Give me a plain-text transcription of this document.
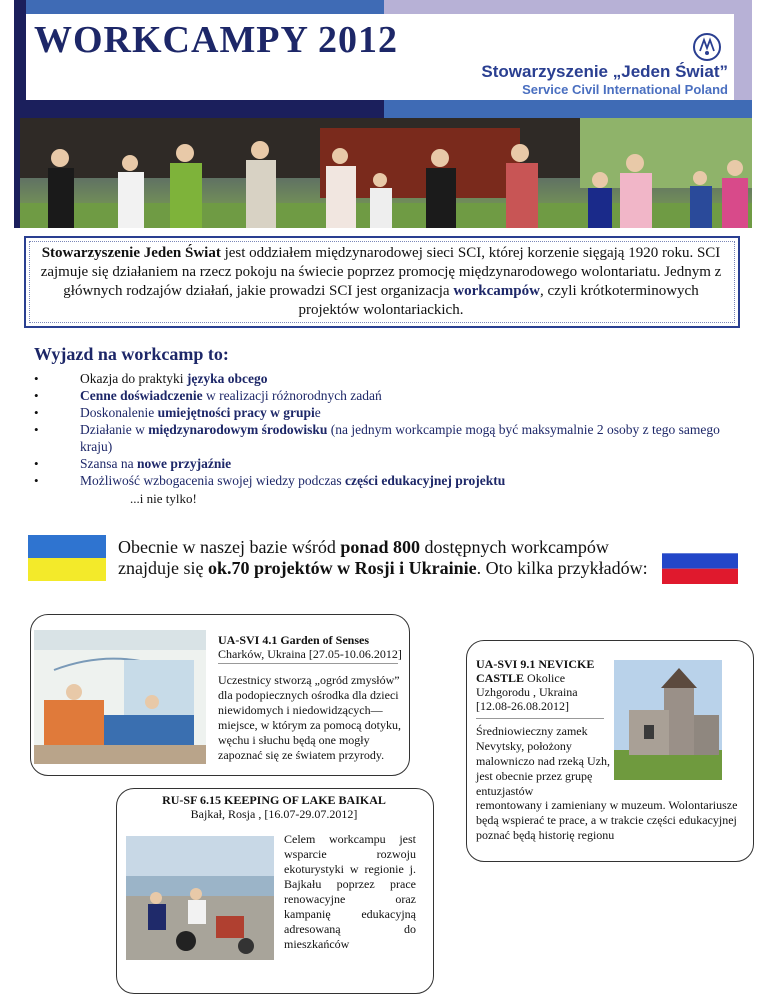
WORKCAMPY 2012
Stowarzyszenie „Jeden Świat”
Service Civil International Poland
Stowarzyszenie Jeden Świat jest oddziałem międzynarodowej sieci SCI, której korzenie sięgają 1920 roku. SCI zajmuje się działaniem na rzecz pokoju na świecie poprzez promocję międzynarodowego wolontariatu. Jednym z głównych rodzajów działań, jakie prowadzi SCI jest organizacja workcampów, czyli krótkoterminowych projektów wolontariackich.
Wyjazd na workcamp to:
•	Okazja do praktyki języka obcego
•	Cenne doświadczenie w realizacji różnorodnych zadań
•	Doskonalenie umiejętności pracy w grupie
•	Działanie w międzynarodowym środowisku (na jednym workcampie mogą być maksymalnie 2 osoby z tego samego kraju)
•	Szansa na nowe przyjaźnie
•	Możliwość wzbogacenia swojej wiedzy podczas części edukacyjnej projektu
...i nie tylko!
Obecnie w naszej bazie wśród ponad 800 dostępnych workcampów znajduje się ok.70 projektów w Rosji i Ukrainie. Oto kilka przykładów:
UA-SVI 4.1 Garden of Senses
Charków, Ukraina [27.05-10.06.2012]
Uczestnicy stworzą „ogród zmysłów” dla podopiecznych ośrodka dla dzieci niewidomych i niedowidzących—miejsce, w którym za pomocą dotyku, węchu i słuchu będą one mogły zapoznać się ze światem przyrody.
RU-SF 6.15 KEEPING OF LAKE BAIKAL
Bajkał, Rosja , [16.07-29.07.2012]
Celem workcampu jest wsparcie rozwoju ekoturystyki w regionie j. Bajkału poprzez prace renowacyjne oraz kampanię edukacyjną adresowaną do mieszkańców
UA-SVI 9.1 NEVICKE CASTLE Okolice Uzhgorodu , Ukraina [12.08-26.08.2012]
Średniowieczny zamek Nevytsky, położony malowniczo nad rzeką Uzh, jest obecnie przez grupę entuzjastów
remontowany i zamieniany w muzeum. Wolontariusze będą wspierać te prace, a w trakcie części edukacyjnej poznać będą historię regionu
